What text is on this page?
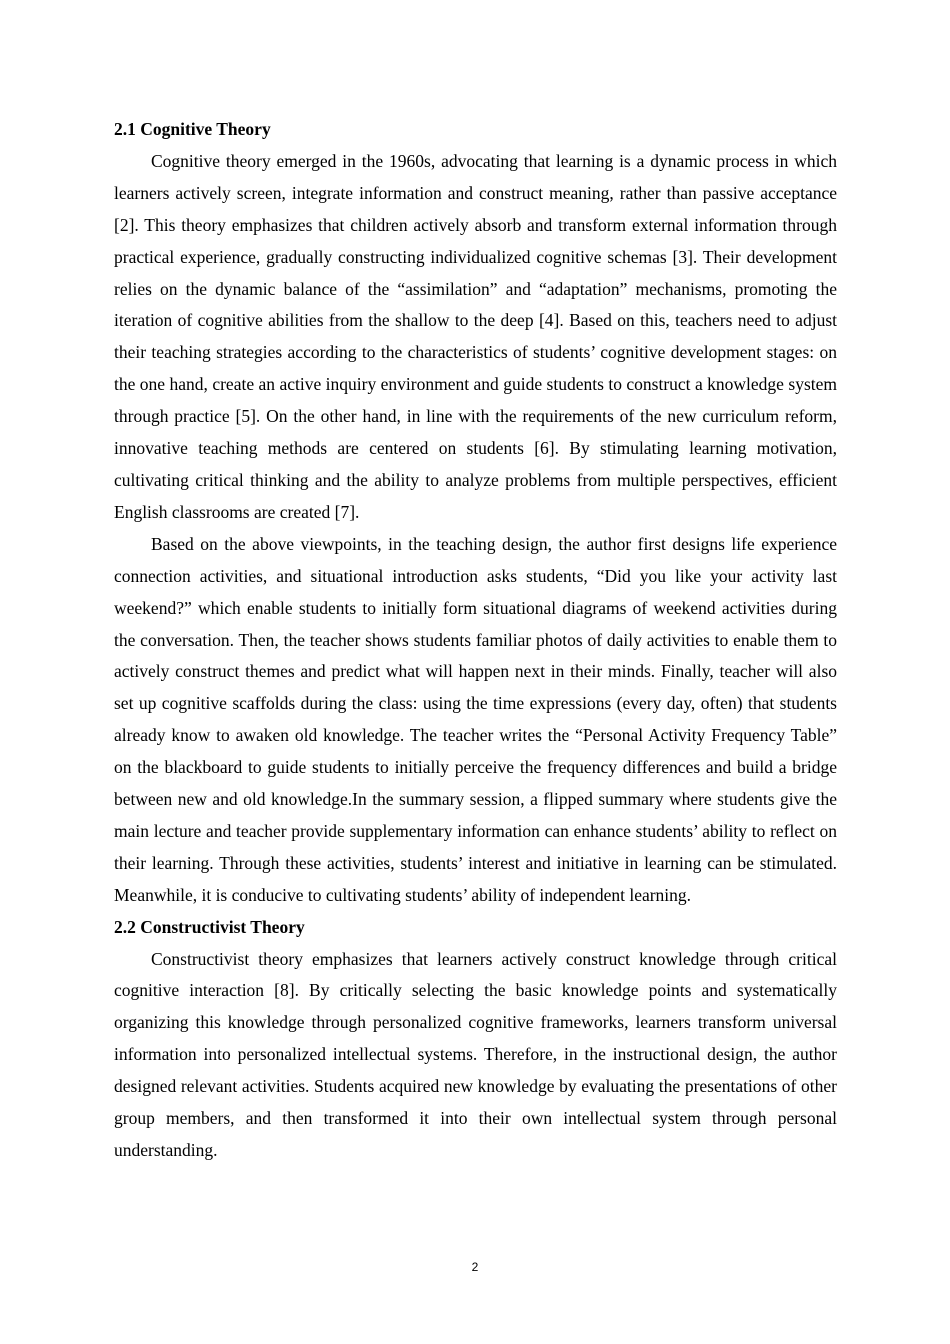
2.1 Cognitive Theory

Cognitive theory emerged in the 1960s, advocating that learning is a dynamic process in which learners actively screen, integrate information and construct meaning, rather than passive acceptance [2]. This theory emphasizes that children actively absorb and transform external information through practical experience, gradually constructing individualized cognitive schemas [3]. Their development relies on the dynamic balance of the “assimilation” and “adaptation” mechanisms, promoting the iteration of cognitive abilities from the shallow to the deep [4]. Based on this, teachers need to adjust their teaching strategies according to the characteristics of students’ cognitive development stages: on the one hand, create an active inquiry environment and guide students to construct a knowledge system through practice [5]. On the other hand, in line with the requirements of the new curriculum reform, innovative teaching methods are centered on students [6]. By stimulating learning motivation, cultivating critical thinking and the ability to analyze problems from multiple perspectives, efficient English classrooms are created [7].

Based on the above viewpoints, in the teaching design, the author first designs life experience connection activities, and situational introduction asks students, “Did you like your activity last weekend?” which enable students to initially form situational diagrams of weekend activities during the conversation. Then, the teacher shows students familiar photos of daily activities to enable them to actively construct themes and predict what will happen next in their minds. Finally, teacher will also set up cognitive scaffolds during the class: using the time expressions (every day, often) that students already know to awaken old knowledge. The teacher writes the “Personal Activity Frequency Table” on the blackboard to guide students to initially perceive the frequency differences and build a bridge between new and old knowledge.In the summary session, a flipped summary where students give the main lecture and teacher provide supplementary information can enhance students’ ability to reflect on their learning. Through these activities, students’ interest and initiative in learning can be stimulated. Meanwhile, it is conducive to cultivating students’ ability of independent learning.

2.2 Constructivist Theory

Constructivist theory emphasizes that learners actively construct knowledge through critical cognitive interaction [8]. By critically selecting the basic knowledge points and systematically organizing this knowledge through personalized cognitive frameworks, learners transform universal information into personalized intellectual systems. Therefore, in the instructional design, the author designed relevant activities. Students acquired new knowledge by evaluating the presentations of other group members, and then transformed it into their own intellectual system through personal understanding.

2
